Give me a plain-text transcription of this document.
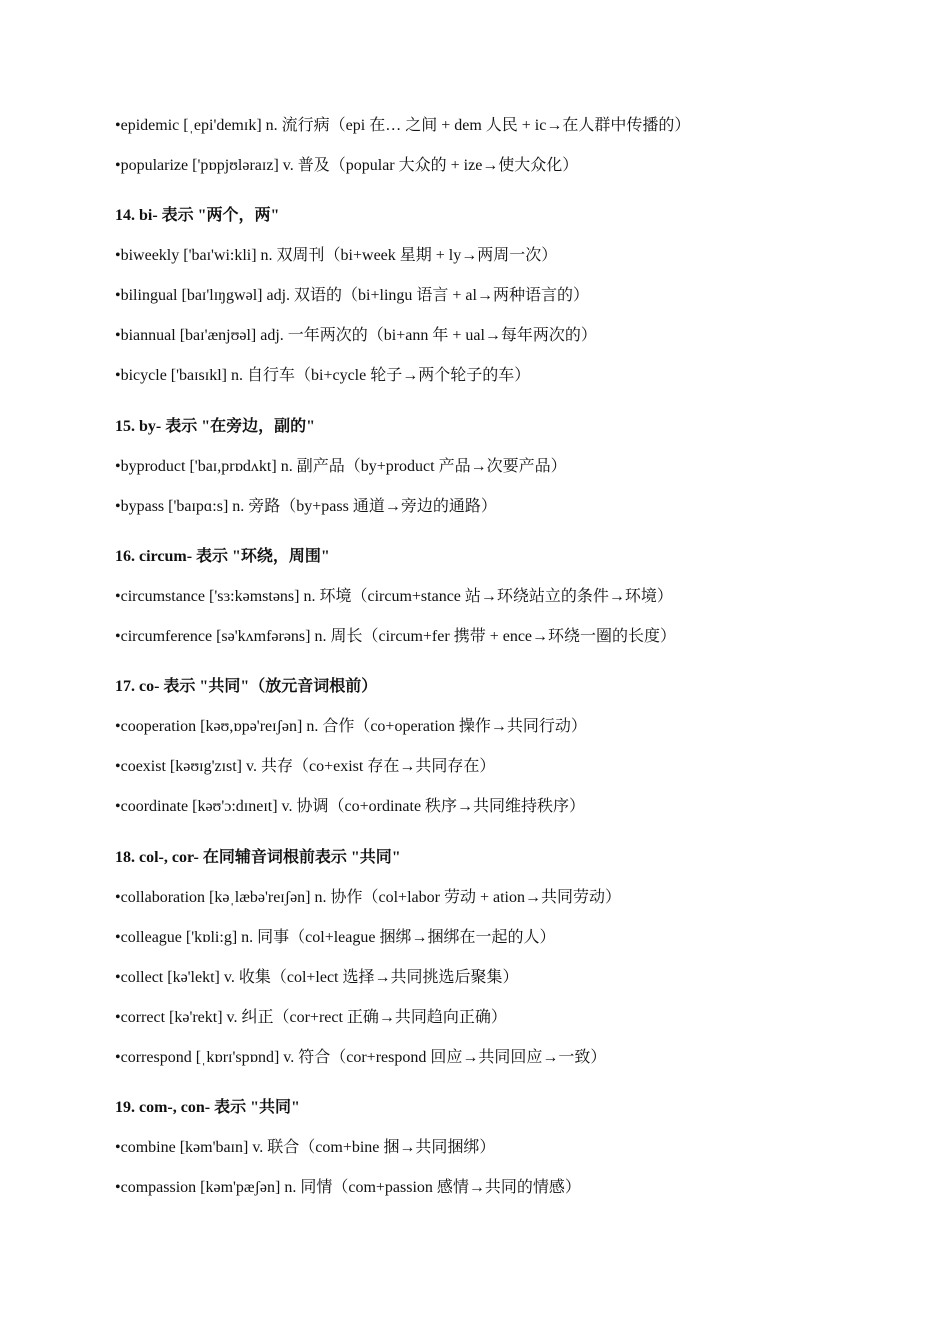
•epidemic [ˌepi'demɪk] n. 流行病（epi 在… 之间 + dem 人民 + ic→在人群中传播的）
•popularize ['pɒpjʊləraɪz] v. 普及（popular 大众的 + ize→使大众化）
14. bi- 表示 "两个，两"
•biweekly ['baɪ'wi:kli] n. 双周刊（bi+week 星期 + ly→两周一次）
•bilingual [baɪ'lɪŋgwəl] adj. 双语的（bi+lingu 语言 + al→两种语言的）
•biannual [baɪ'ænjʊəl] adj. 一年两次的（bi+ann 年 + ual→每年两次的）
•bicycle ['baɪsɪkl] n. 自行车（bi+cycle 轮子→两个轮子的车）
15. by- 表示 "在旁边，副的"
•byproduct ['baɪ,prɒdʌkt] n. 副产品（by+product 产品→次要产品）
•bypass ['baɪpɑ:s] n. 旁路（by+pass 通道→旁边的通路）
16. circum- 表示 "环绕，周围"
•circumstance ['sɜ:kəmstəns] n. 环境（circum+stance 站→环绕站立的条件→环境）
•circumference [sə'kʌmfərəns] n. 周长（circum+fer 携带 + ence→环绕一圈的长度）
17. co- 表示 "共同"（放元音词根前）
•cooperation [kəʊ,ɒpə'reɪʃən] n. 合作（co+operation 操作→共同行动）
•coexist [kəʊɪg'zɪst] v. 共存（co+exist 存在→共同存在）
•coordinate [kəʊ'ɔ:dɪneɪt] v. 协调（co+ordinate 秩序→共同维持秩序）
18. col-, cor- 在同辅音词根前表示 "共同"
•collaboration [kəˌlæbə'reɪʃən] n. 协作（col+labor 劳动 + ation→共同劳动）
•colleague ['kɒli:g] n. 同事（col+league 捆绑→捆绑在一起的人）
•collect [kə'lekt] v. 收集（col+lect 选择→共同挑选后聚集）
•correct [kə'rekt] v. 纠正（cor+rect 正确→共同趋向正确）
•correspond [ˌkɒrɪ'spɒnd] v. 符合（cor+respond 回应→共同回应→一致）
19. com-, con- 表示 "共同"
•combine [kəm'baɪn] v. 联合（com+bine 捆→共同捆绑）
•compassion [kəm'pæʃən] n. 同情（com+passion 感情→共同的情感）
